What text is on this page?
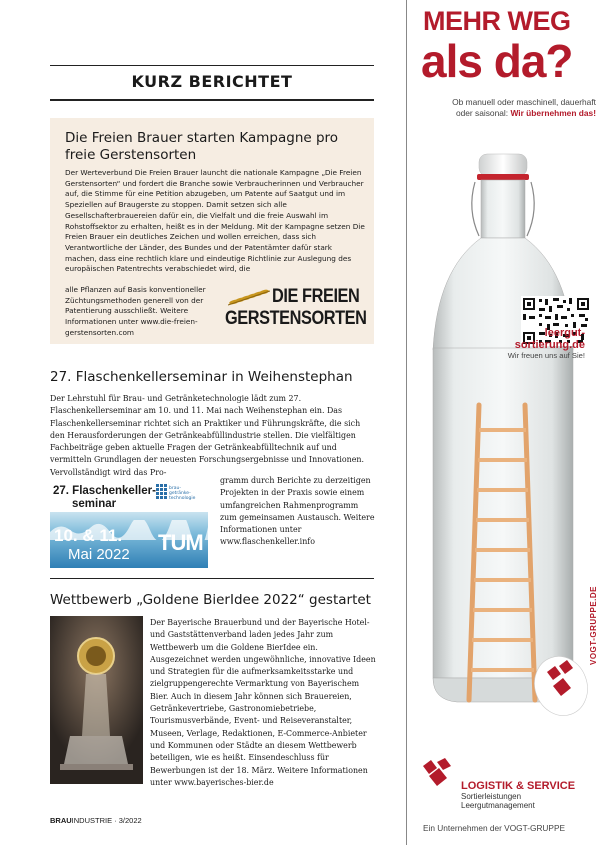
KURZ BERICHTET
Die Freien Brauer starten Kampagne pro freie Gerstensorten

Der Werteverbund Die Freien Brauer launcht die nationale Kampagne „Die Freien Gerstensorten“ und fordert die Branche sowie Verbraucherinnen und Verbraucher auf, die Stimme für eine Petition abzugeben, um Patente auf Saatgut und im Speziellen auf Braugerste zu stoppen. Damit setzen sich alle Gesellschafterbrauereien dafür ein, die Vielfalt und die freie Auswahl im Rohstoffsektor zu erhalten, heißt es in der Meldung. Mit der Kampagne setzen Die Freien Brauer ein deutliches Zeichen und wollen erreichen, dass sich Verantwortliche der Länder, des Bundes und der Patentämter dafür stark machen, dass eine rechtlich klare und eindeutige Richtlinie zur Auslegung des europäischen Patentrechts verabschiedet wird, die

alle Pflanzen auf Basis konventioneller Züchtungsmethoden generell von der Patentierung ausschließt. Weitere Informationen unter www.die-freien-gerstensorten.com

DIE FREIEN
GERSTENSORTEN
27. Flaschenkellerseminar in Weihenstephan

Der Lehrstuhl für Brau- und Getränketechnologie lädt zum 27. Flaschenkellerseminar am 10. und 11. Mai nach Weihenstephan ein. Das Flaschenkellerseminar richtet sich an Praktiker und Führungskräfte, die sich den Herausforderungen der Getränkeabfüllindustrie stellen. Die vielfältigen Fachbeiträge geben aktuelle Fragen der Getränkeabfülltechnik auf und vermitteln Grundlagen der neuesten Forschungsergebnisse und Innovationen. Vervollständigt wird das Pro-

27. Flaschenkeller-
seminar
brau-
getränke-
technologie
10. & 11.
Mai 2022 TUM

gramm durch Berichte zu derzeitigen Projekten in der Praxis sowie einem umfangreichen Rahmenprogramm zum gemeinsamen Austausch. Weitere Informationen unter www.flaschenkeller.info

Wettbewerb „Goldene BierIdee 2022“ gestartet

Der Bayerische Brauerbund und der Bayerische Hotel- und Gaststättenverband laden jedes Jahr zum Wettbewerb um die Goldene BierIdee ein. Ausgezeichnet werden ungewöhnliche, innovative Ideen und Strategien für die aufmerksamkeitsstarke und zielgruppengerechte Vermarktung von Bayerischem Bier. Auch in diesem Jahr können sich Brauereien, Getränkevertriebe, Gastronomiebetriebe, Tourismusverbände, Event- und Reiseveranstalter, Museen, Verlage, Redaktionen, E-Commerce-Anbieter und Kommunen oder Städte an diesem Wettbewerb beteiligen, wie es heißt. Einsendeschluss für Bewerbungen ist der 18. März. Weitere Informationen unter www.bayerisches-bier.de

BRAUINDUSTRIE · 3/2022
MEHR WEG
als da?
Ob manuell oder maschinell, dauerhaft
oder saisonal: Wir übernehmen das!
leergut-
sortierung.de
Wir freuen uns auf Sie!
VOGT-GRUPPE.DE
LOGISTIK & SERVICE
Sortierleistungen
Leergutmanagement
Ein Unternehmen der VOGT-GRUPPE
